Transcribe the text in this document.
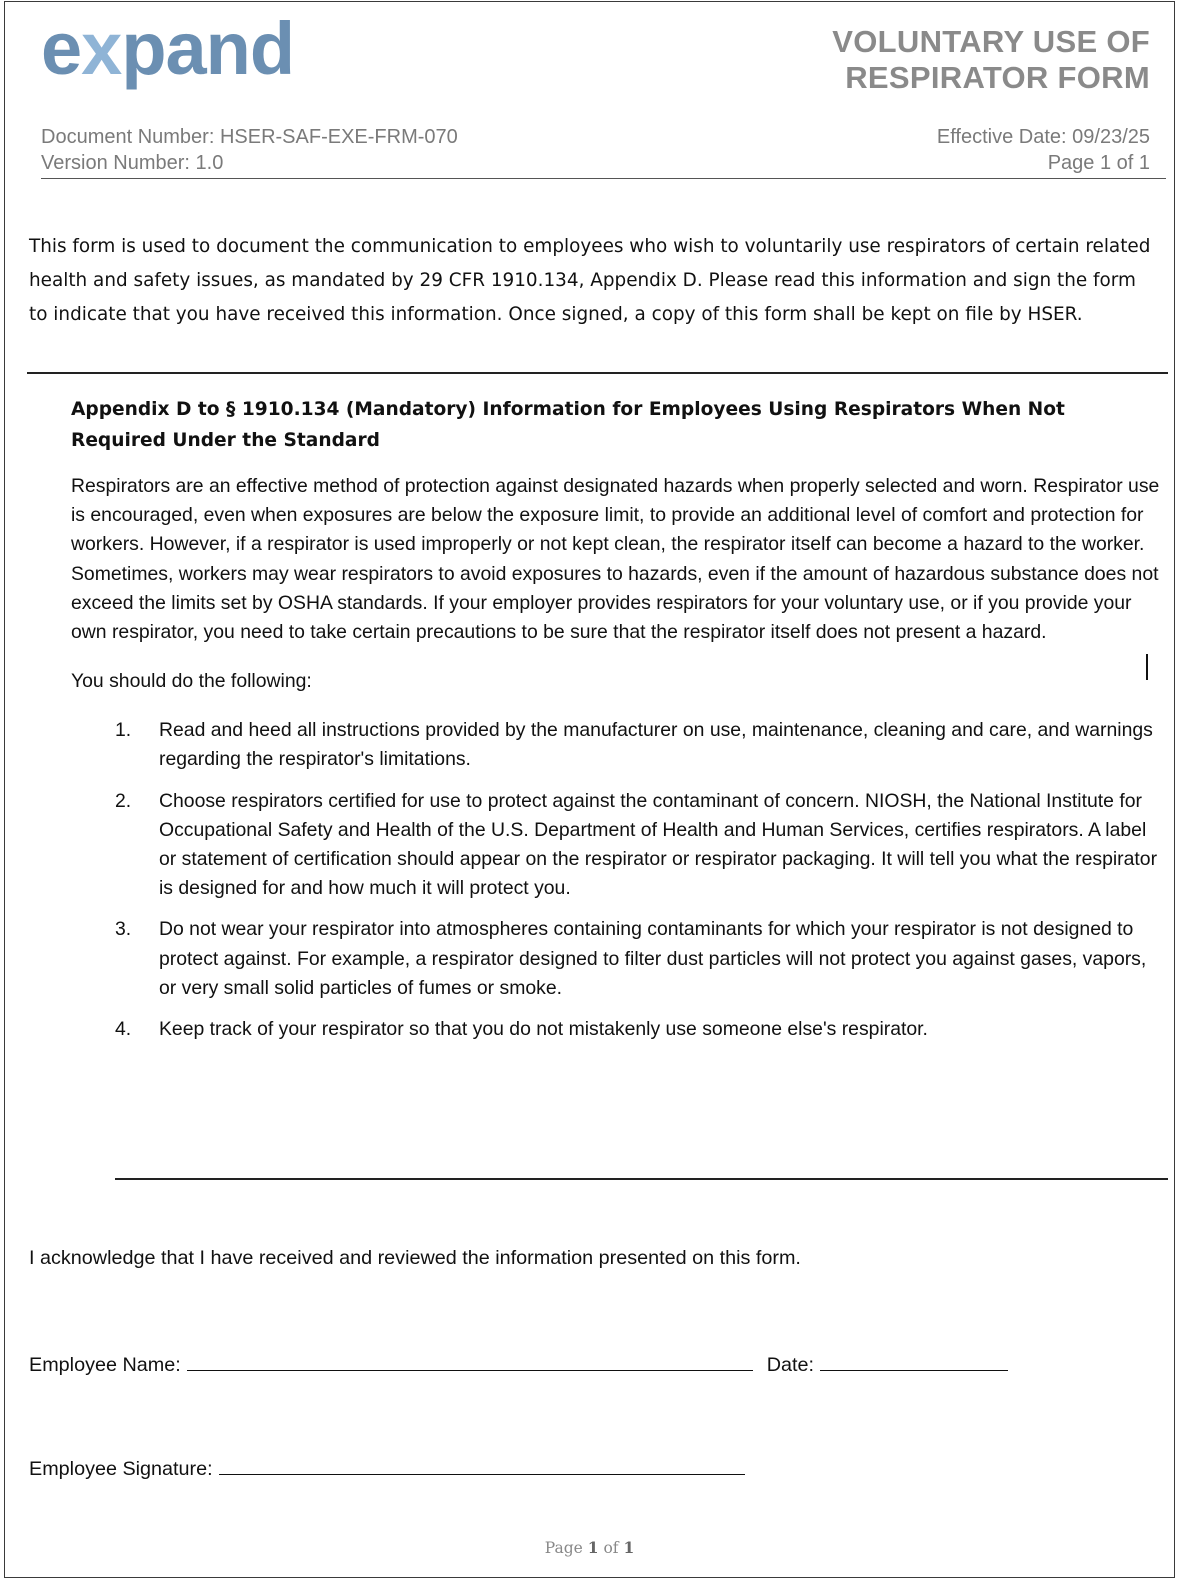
expand	VOLUNTARY USE OF
RESPIRATOR FORM
Document Number: HSER-SAF-EXE-FRM-070
Version Number: 1.0
Effective Date: 09/23/25
Page 1 of 1
This form is used to document the communication to employees who wish to voluntarily use respirators of certain related health and safety issues, as mandated by 29 CFR 1910.134, Appendix D. Please read this information and sign the form to indicate that you have received this information. Once signed, a copy of this form shall be kept on file by HSER.
Appendix D to § 1910.134 (Mandatory) Information for Employees Using Respirators When Not Required Under the Standard
Respirators are an effective method of protection against designated hazards when properly selected and worn. Respirator use is encouraged, even when exposures are below the exposure limit, to provide an additional level of comfort and protection for workers. However, if a respirator is used improperly or not kept clean, the respirator itself can become a hazard to the worker. Sometimes, workers may wear respirators to avoid exposures to hazards, even if the amount of hazardous substance does not exceed the limits set by OSHA standards. If your employer provides respirators for your voluntary use, or if you provide your own respirator, you need to take certain precautions to be sure that the respirator itself does not present a hazard.
You should do the following:
1. Read and heed all instructions provided by the manufacturer on use, maintenance, cleaning and care, and warnings regarding the respirator's limitations.
2. Choose respirators certified for use to protect against the contaminant of concern. NIOSH, the National Institute for Occupational Safety and Health of the U.S. Department of Health and Human Services, certifies respirators. A label or statement of certification should appear on the respirator or respirator packaging. It will tell you what the respirator is designed for and how much it will protect you.
3. Do not wear your respirator into atmospheres containing contaminants for which your respirator is not designed to protect against. For example, a respirator designed to filter dust particles will not protect you against gases, vapors, or very small solid particles of fumes or smoke.
4. Keep track of your respirator so that you do not mistakenly use someone else's respirator.
I acknowledge that I have received and reviewed the information presented on this form.
Employee Name:	Date:
Employee Signature:
Page 1 of 1
